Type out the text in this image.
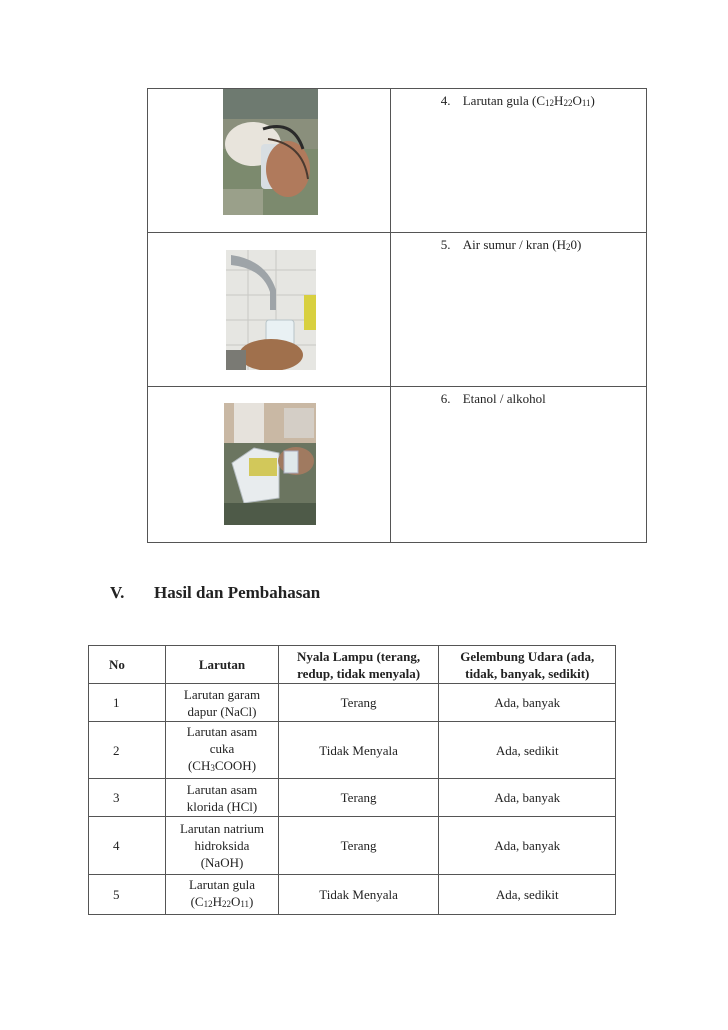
4. Larutan gula $(C_{12}H_{22}O_{11})$

5. Air sumur / kran $(H_20)$

6. Etanol / alkohol
V. Hasil dan Pembahasan
No	Larutan	Nyala Lampu (terang,
redup, tidak menyala)	Gelembung Udara (ada,
tidak, banyak, sedikit)
1	Larutan garam
dapur (NaCl)	Terang	Ada, banyak
2	Larutan asam
cuka
$(CH_3COOH)$	Tidak Menyala	Ada, sedikit
3	Larutan asam
klorida (HCl)	Terang	Ada, banyak
4	Larutan natrium
hidroksida
(NaOH)	Terang	Ada, banyak
5	Larutan gula
$(C_{12}H_{22}O_{11})$	Tidak Menyala	Ada, sedikit
